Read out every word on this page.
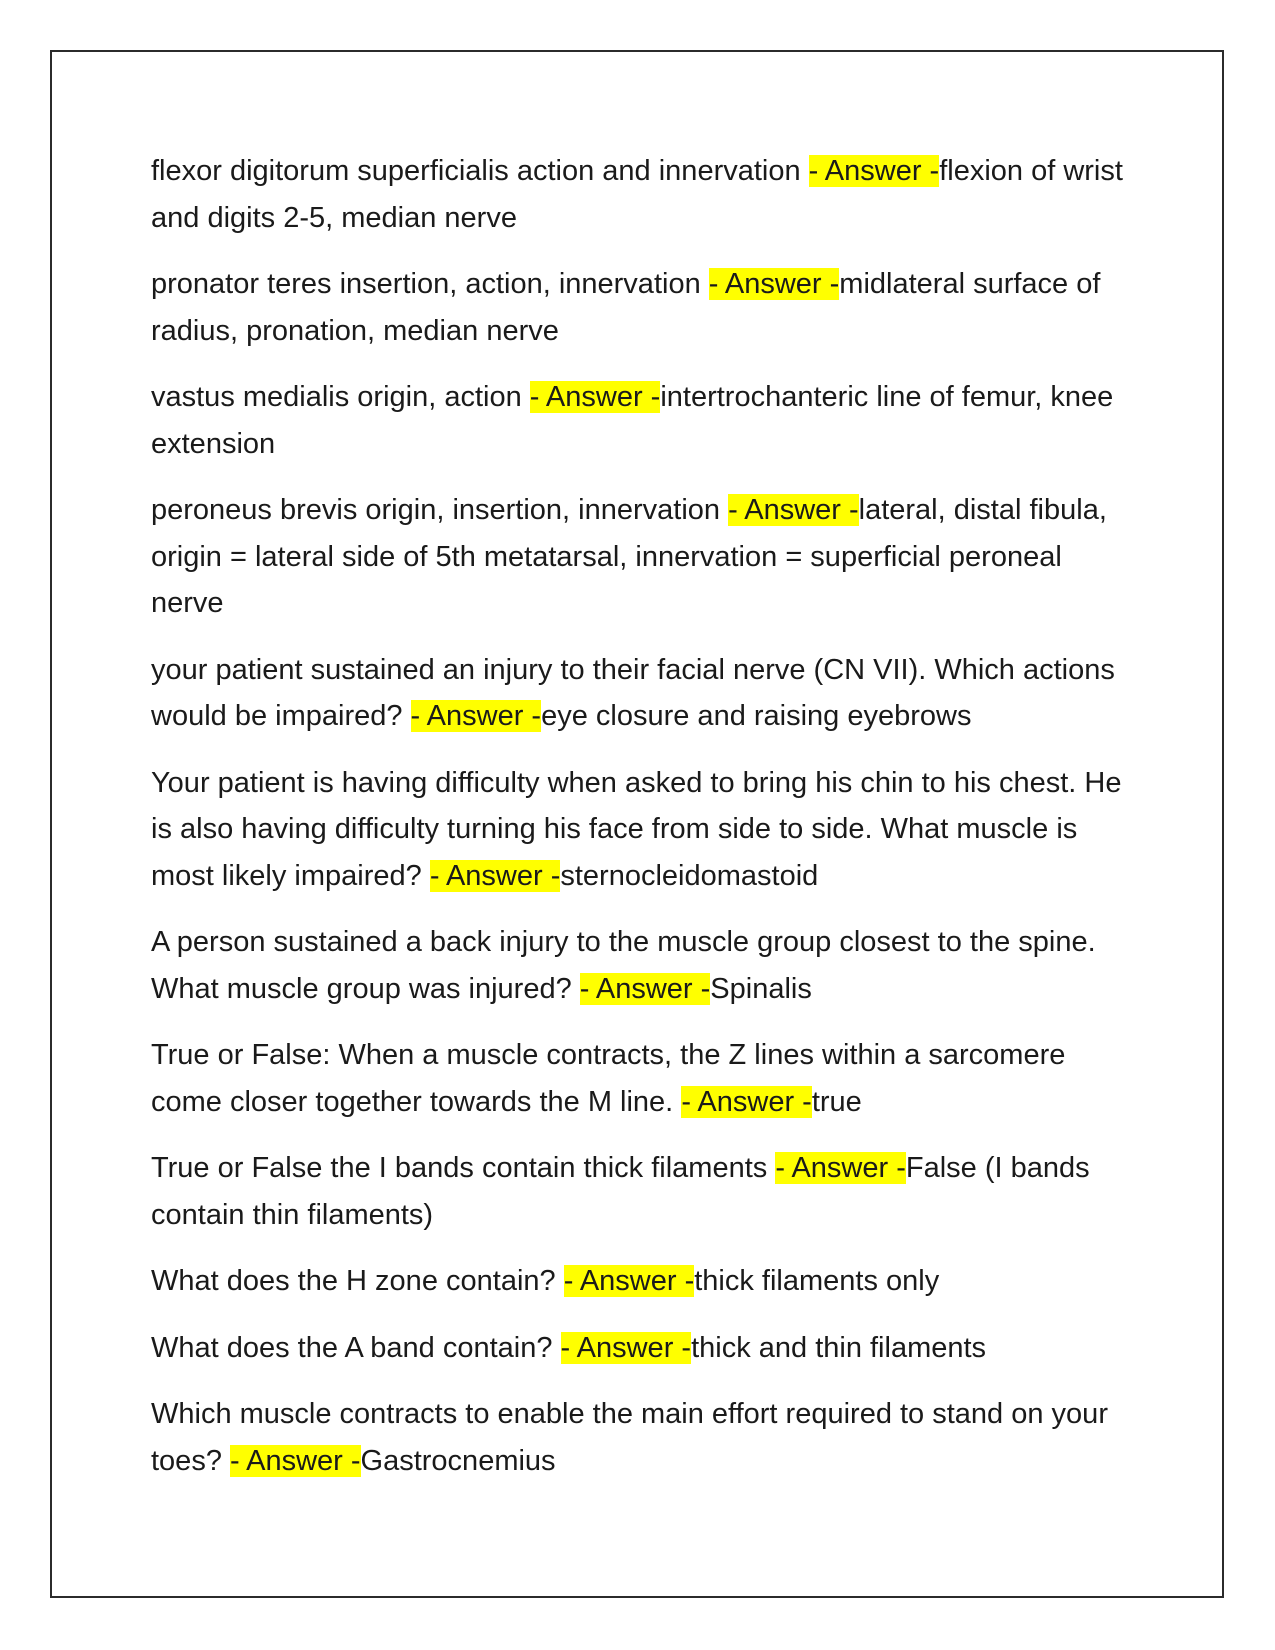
flexor digitorum superficialis action and innervation - Answer -flexion of wrist and digits 2-5, median nerve

pronator teres insertion, action, innervation - Answer -midlateral surface of radius, pronation, median nerve

vastus medialis origin, action - Answer -intertrochanteric line of femur, knee extension

peroneus brevis origin, insertion, innervation - Answer -lateral, distal fibula, origin = lateral side of 5th metatarsal, innervation = superficial peroneal nerve

your patient sustained an injury to their facial nerve (CN VII). Which actions would be impaired? - Answer -eye closure and raising eyebrows

Your patient is having difficulty when asked to bring his chin to his chest. He is also having difficulty turning his face from side to side. What muscle is most likely impaired? - Answer -sternocleidomastoid

A person sustained a back injury to the muscle group closest to the spine. What muscle group was injured? - Answer -Spinalis

True or False: When a muscle contracts, the Z lines within a sarcomere come closer together towards the M line. - Answer -true

True or False the I bands contain thick filaments - Answer -False (I bands contain thin filaments)

What does the H zone contain? - Answer -thick filaments only

What does the A band contain? - Answer -thick and thin filaments

Which muscle contracts to enable the main effort required to stand on your toes? - Answer -Gastrocnemius
